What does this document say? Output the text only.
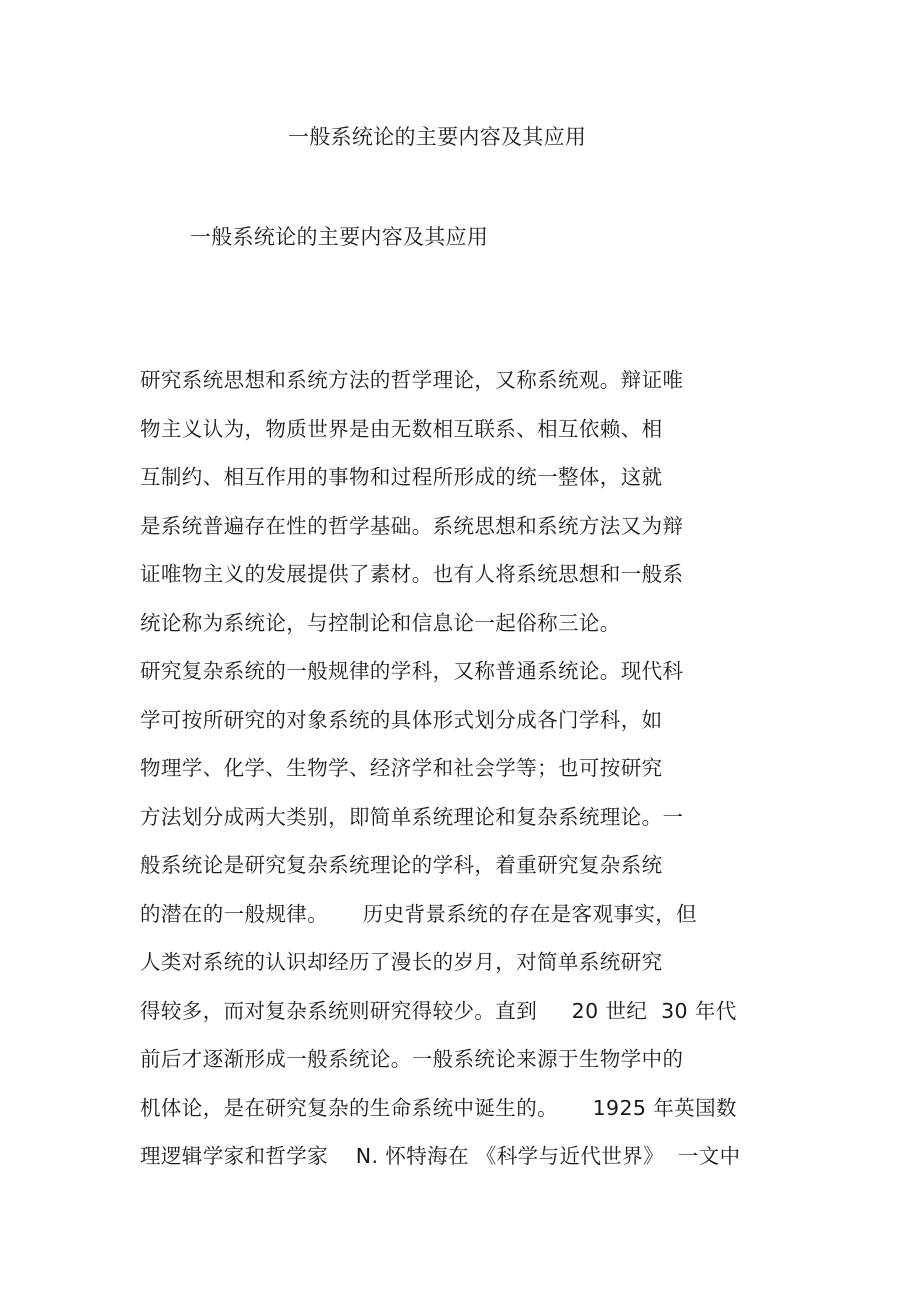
一般系统论的主要内容及其应用
一般系统论的主要内容及其应用
研究系统思想和系统方法的哲学理论，又称系统观。辩证唯
物主义认为，物质世界是由无数相互联系、相互依赖、相
互制约、相互作用的事物和过程所形成的统一整体，这就
是系统普遍存在性的哲学基础。系统思想和系统方法又为辩
证唯物主义的发展提供了素材。也有人将系统思想和一般系
统论称为系统论，与控制论和信息论一起俗称三论。
研究复杂系统的一般规律的学科，又称普通系统论。现代科
学可按所研究的对象系统的具体形式划分成各门学科，如
物理学、化学、生物学、经济学和社会学等；也可按研究
方法划分成两大类别，即简单系统理论和复杂系统理论。一
般系统论是研究复杂系统理论的学科，着重研究复杂系统
的潜在的一般规律。     历史背景系统的存在是客观事实，但
人类对系统的认识却经历了漫长的岁月，对简单系统研究
得较多，而对复杂系统则研究得较少。直到     20 世纪  30 年代
前后才逐渐形成一般系统论。一般系统论来源于生物学中的
机体论，是在研究复杂的生命系统中诞生的。     1925 年英国数
理逻辑学家和哲学家    N. 怀特海在 《科学与近代世界》  一文中
